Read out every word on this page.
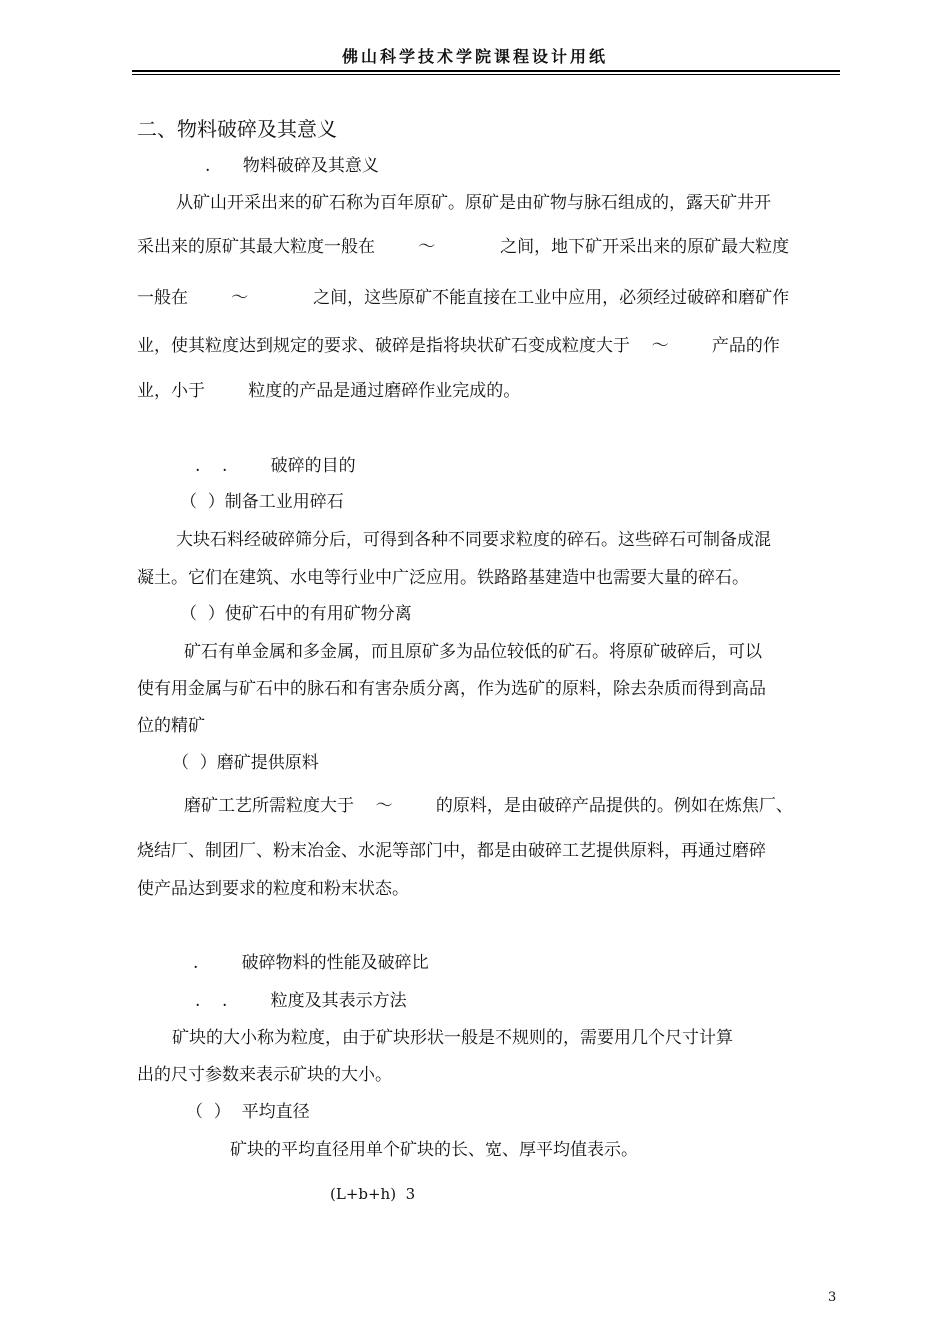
佛山科学技术学院课程设计用纸
二、物料破碎及其意义
.      物料破碎及其意义
从矿山开采出来的矿石称为百年原矿。原矿是由矿物与脉石组成的，露天矿井开
采出来的原矿其最大粒度一般在        ～            之间，地下矿开采出来的原矿最大粒度
一般在        ～            之间，这些原矿不能直接在工业中应用，必须经过破碎和磨矿作
业，使其粒度达到规定的要求、破碎是指将块状矿石变成粒度大于    ～        产品的作
业，小于        粒度的产品是通过磨碎作业完成的。
.    .        破碎的目的
（  ）制备工业用碎石
大块石料经破碎筛分后，可得到各种不同要求粒度的碎石。这些碎石可制备成混
凝土。它们在建筑、水电等行业中广泛应用。铁路路基建造中也需要大量的碎石。
（  ）使矿石中的有用矿物分离
矿石有单金属和多金属，而且原矿多为品位较低的矿石。将原矿破碎后，可以
使有用金属与矿石中的脉石和有害杂质分离，作为选矿的原料，除去杂质而得到高品
位的精矿
（  ）磨矿提供原料
磨矿工艺所需粒度大于    ～        的原料，是由破碎产品提供的。例如在炼焦厂、
烧结厂、制团厂、粉末冶金、水泥等部门中，都是由破碎工艺提供原料，再通过磨碎
使产品达到要求的粒度和粉末状态。
.        破碎物料的性能及破碎比
.    .        粒度及其表示方法
矿块的大小称为粒度，由于矿块形状一般是不规则的，需要用几个尺寸计算
出的尺寸参数来表示矿块的大小。
（  ）  平均直径
矿块的平均直径用单个矿块的长、宽、厚平均值表示。
(L+b+h)  3
3
